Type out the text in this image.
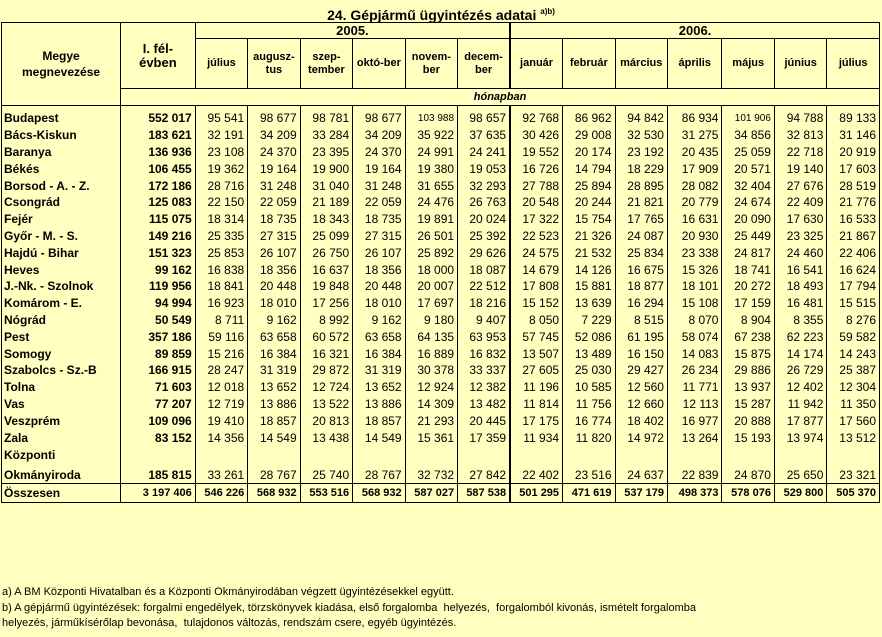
24. Gépjármű ügyintézés adatai $^{a)b)}$
Megye megnevezése	I. fél-évben	2005.						2006.						
		július	augusz-tus	szep-tember	októ-ber	novem-ber	decem-ber	január	február	március	április	május	június	július
	hónapban													
Budapest	552 017	95 541	98 677	98 781	98 677	103 988	98 657	92 768	86 962	94 842	86 934	101 906	94 788	89 133
Bács-Kiskun	183 621	32 191	34 209	33 284	34 209	35 922	37 635	30 426	29 008	32 530	31 275	34 856	32 813	31 146
Baranya	136 936	23 108	24 370	23 395	24 370	24 991	24 241	19 552	20 174	23 192	20 435	25 059	22 718	20 919
Békés	106 455	19 362	19 164	19 900	19 164	19 380	19 053	16 726	14 794	18 229	17 909	20 571	19 140	17 603
Borsod - A. - Z.	172 186	28 716	31 248	31 040	31 248	31 655	32 293	27 788	25 894	28 895	28 082	32 404	27 676	28 519
Csongrád	125 083	22 150	22 059	21 189	22 059	24 476	26 763	20 548	20 244	21 821	20 779	24 674	22 409	21 776
Fejér	115 075	18 314	18 735	18 343	18 735	19 891	20 024	17 322	15 754	17 765	16 631	20 090	17 630	16 533
Győr - M. - S.	149 216	25 335	27 315	25 099	27 315	26 501	25 392	22 523	21 326	24 087	20 930	25 449	23 325	21 867
Hajdú - Bihar	151 323	25 853	26 107	26 750	26 107	25 892	29 626	24 575	21 532	25 834	23 338	24 817	24 460	22 406
Heves	99 162	16 838	18 356	16 637	18 356	18 000	18 087	14 679	14 126	16 675	15 326	18 741	16 541	16 624
J.-Nk. - Szolnok	119 956	18 841	20 448	19 848	20 448	20 007	22 512	17 808	15 881	18 877	18 101	20 272	18 493	17 794
Komárom - E.	94 994	16 923	18 010	17 256	18 010	17 697	18 216	15 152	13 639	16 294	15 108	17 159	16 481	15 515
Nógrád	50 549	8 711	9 162	8 992	9 162	9 180	9 407	8 050	7 229	8 515	8 070	8 904	8 355	8 276
Pest	357 186	59 116	63 658	60 572	63 658	64 135	63 953	57 745	52 086	61 195	58 074	67 238	62 223	59 582
Somogy	89 859	15 216	16 384	16 321	16 384	16 889	16 832	13 507	13 489	16 150	14 083	15 875	14 174	14 243
Szabolcs - Sz.-B	166 915	28 247	31 319	29 872	31 319	30 378	33 337	27 605	25 030	29 427	26 234	29 886	26 729	25 387
Tolna	71 603	12 018	13 652	12 724	13 652	12 924	12 382	11 196	10 585	12 560	11 771	13 937	12 402	12 304
Vas	77 207	12 719	13 886	13 522	13 886	14 309	13 482	11 814	11 756	12 660	12 113	15 287	11 942	11 350
Veszprém	109 096	19 410	18 857	20 813	18 857	21 293	20 445	17 175	16 774	18 402	16 977	20 888	17 877	17 560
Zala	83 152	14 356	14 549	13 438	14 549	15 361	17 359	11 934	11 820	14 972	13 264	15 193	13 974	13 512

Központi
Okmányiroda	185 815	33 261	28 767	25 740	28 767	32 732	27 842	22 402	23 516	24 637	22 839	24 870	25 650	23 321
Összesen	3 197 406	546 226	568 932	553 516	568 932	587 027	587 538	501 295	471 619	537 179	498 373	578 076	529 800	505 370
a) A BM Központi Hivatalban és a Központi Okmányirodában végzett ügyintézésekkel együtt.
b) A gépjármű ügyintézések: forgalmi engedélyek, törzskönyvek kiadása, első forgalomba  helyezés,  forgalomból kivonás, ismételt forgalomba
helyezés, járműkísérőlap bevonása,  tulajdonos változás, rendszám csere, egyéb ügyintézés.
